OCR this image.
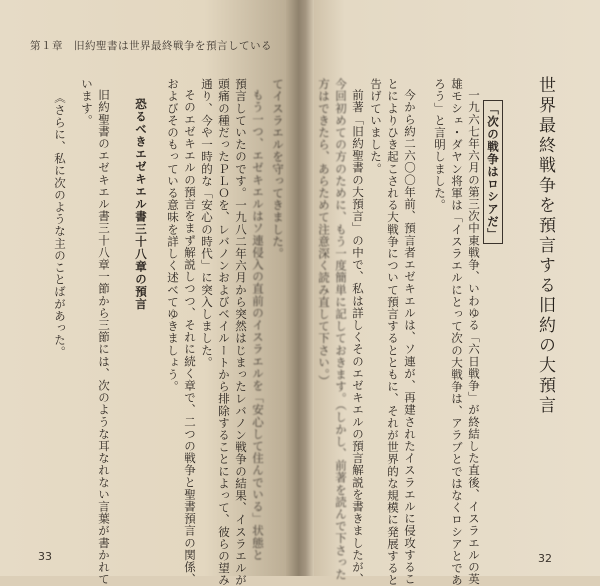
第１章　旧約聖書は世界最終戦争を預言している
世界最終戦争を預言する旧約の大預言
「次の戦争はロシアだ」
一九六七年六月の第三次中東戦争、いわゆる「六日戦争」が終結した直後、イスラエルの英
雄モシェ・ダヤン将軍は「イスラエルにとって次の大戦争は、アラブとではなくロシアとであ
ろう」と言明しました。
今から約二六〇〇年前、預言者エゼキエルは、ソ連が、再建されたイスラエルに侵攻するこ
とによりひき起こされる大戦争について預言するとともに、それが世界的な規模に発展すると
告げていました。
前著「旧約聖書の大預言」の中で、私は詳しくそのエゼキエルの預言解説を書きましたが、
今回初めての方のために、もう一度簡単に記しておきます。（しかし、前著を読んで下さった
方はできたら、あらためて注意深く読み直して下さい。）
てイスラエルを守ってきました。
もう一つ、エゼキエルはソ連侵入の直前のイスラエルを「安心して住んでいる」状態と
預言していたのです。一九八二年六月から突然はじまったレバノン戦争の結果、イスラエルが
頭痛の種だったＰＬＯを、レバノンおよびベイルートから排除することによって、彼らの望み
通り、今や一時的な「安心の時代」に突入しました。
そのエゼキエルの預言をまず解説しつつ、それに続く章で、二つの戦争と聖書預言の関係、
およびそのもっている意味を詳しく述べてゆきましょう。
恐るべきエゼキエル書三十八章の預言
旧約聖書のエゼキエル書三十八章一節から三節には、次のような耳なれない言葉が書かれて
います。
《さらに、私に次のような主のことばがあった。
33	32
